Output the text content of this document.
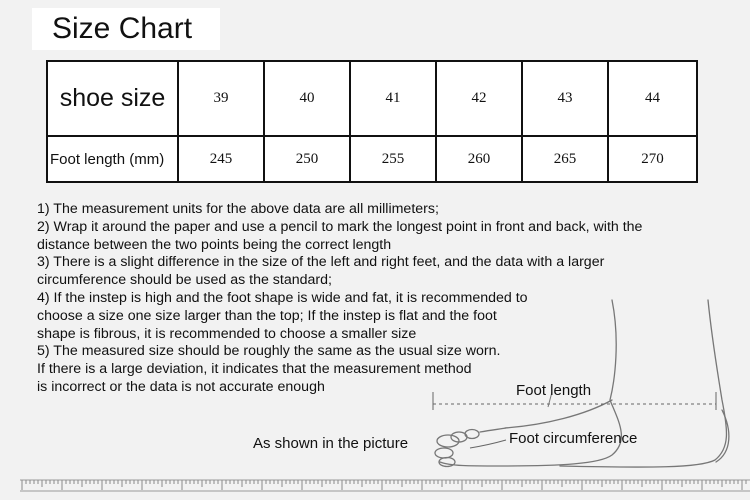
Size Chart
shoe size	39	40	41	42	43	44
Foot length (mm)	245	250	255	260	265	270
1) The measurement units for the above data are all millimeters;
2) Wrap it around the paper and use a pencil to mark the longest point in front and back, with the
distance between the two points being the correct length
3) There is a slight difference in the size of the left and right feet, and the data with a larger
circumference should be used as the standard;
4) If the instep is high and the foot shape is wide and fat, it is recommended to
choose a size one size larger than the top; If the instep is flat and the foot
shape is fibrous, it is recommended to choose a smaller size
5) The measured size should be roughly the same as the usual size worn.
If there is a large deviation, it indicates that the measurement method
is incorrect or the data is not accurate enough	Foot length
Foot circumference
As shown in the picture
